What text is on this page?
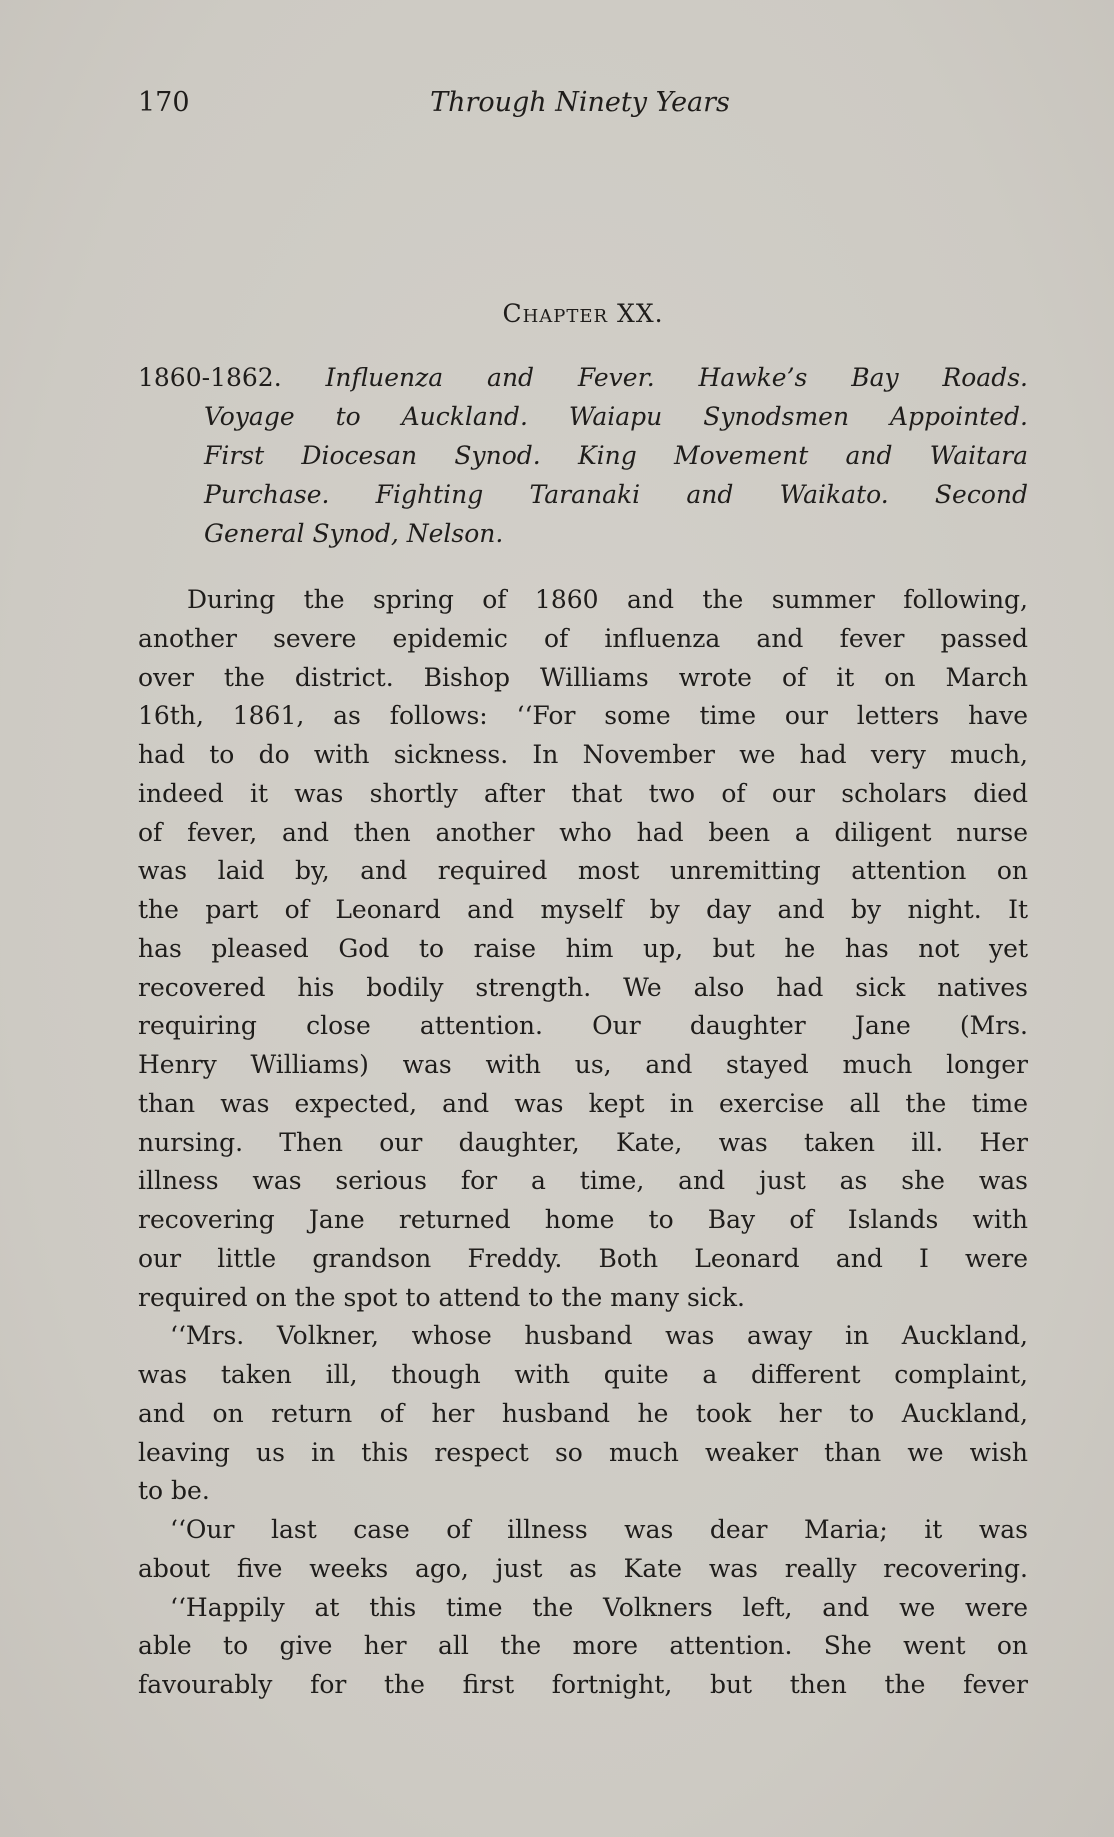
170	Through Ninety Years
Chapter XX.
1860-1862. Influenza and Fever. Hawke’s Bay Roads.
Voyage to Auckland. Waiapu Synodsmen Appointed.
First Diocesan Synod. King Movement and Waitara
Purchase. Fighting Taranaki and Waikato. Second
General Synod, Nelson.
During the spring of 1860 and the summer following,
another severe epidemic of influenza and fever passed
over the district. Bishop Williams wrote of it on March
16th, 1861, as follows: ‘‘For some time our letters have
had to do with sickness. In November we had very much,
indeed it was shortly after that two of our scholars died
of fever, and then another who had been a diligent nurse
was laid by, and required most unremitting attention on
the part of Leonard and myself by day and by night. It
has pleased God to raise him up, but he has not yet
recovered his bodily strength. We also had sick natives
requiring close attention. Our daughter Jane (Mrs.
Henry Williams) was with us, and stayed much longer
than was expected, and was kept in exercise all the time
nursing. Then our daughter, Kate, was taken ill. Her
illness was serious for a time, and just as she was
recovering Jane returned home to Bay of Islands with
our little grandson Freddy. Both Leonard and I were
required on the spot to attend to the many sick.
‘‘Mrs. Volkner, whose husband was away in Auckland,
was taken ill, though with quite a different complaint,
and on return of her husband he took her to Auckland,
leaving us in this respect so much weaker than we wish
to be.
‘‘Our last case of illness was dear Maria; it was
about five weeks ago, just as Kate was really recovering.
‘‘Happily at this time the Volkners left, and we were
able to give her all the more attention. She went on
favourably for the first fortnight, but then the fever
